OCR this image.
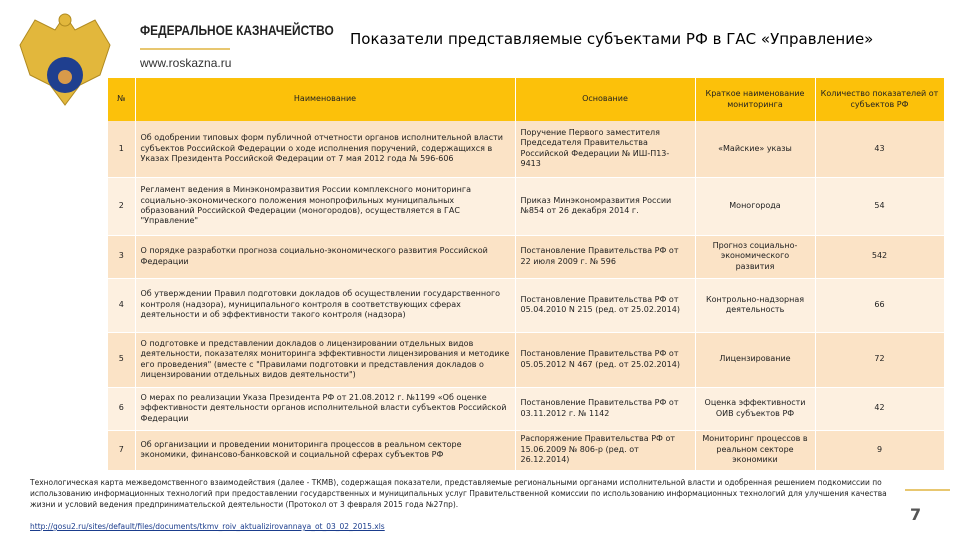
ФЕДЕРАЛЬНОЕ КАЗНАЧЕЙСТВО
www.roskazna.ru
Показатели представляемые субъектами РФ в ГАС «Управление»
№	Наименование	Основание	Краткое наименование мониторинга	Количество показателей от субъектов РФ
1	Об одобрении типовых форм публичной отчетности органов исполнительной власти субъектов Российской Федерации о ходе исполнения поручений, содержащихся в Указах Президента Российской Федерации от 7 мая 2012 года № 596-606	Поручение Первого заместителя Председателя Правительства Российской Федерации № ИШ-П13-9413	«Майские» указы	43
2	Регламент ведения в Минэкономразвития России комплексного мониторинга социально-экономического положения монопрофильных муниципальных образований Российской Федерации (моногородов), осуществляется в ГАС "Управление"	Приказ Минэкономразвития России №854 от 26 декабря 2014 г.	Моногорода	54
3	О порядке разработки прогноза социально-экономического развития Российской Федерации	Постановление Правительства РФ от 22 июля 2009 г. № 596	Прогноз социально-экономического развития	542
4	Об утверждении Правил подготовки докладов об осуществлении государственного контроля (надзора), муниципального контроля в соответствующих сферах деятельности и об эффективности такого контроля (надзора)	Постановление Правительства РФ от 05.04.2010 N 215 (ред. от 25.02.2014)	Контрольно-надзорная деятельность	66
5	О подготовке и представлении докладов о лицензировании отдельных видов деятельности, показателях мониторинга эффективности лицензирования и методике его проведения" (вместе с "Правилами подготовки и представления докладов о лицензировании отдельных видов деятельности")	Постановление Правительства РФ от 05.05.2012 N 467 (ред. от 25.02.2014)	Лицензирование	72
6	О мерах по реализации Указа Президента РФ от 21.08.2012 г. №1199 «Об оценке эффективности деятельности органов исполнительной власти субъектов Российской Федерации	Постановление Правительства РФ от 03.11.2012 г. № 1142	Оценка эффективности ОИВ субъектов РФ	42
7	Об организации и проведении мониторинга процессов в реальном секторе экономики, финансово-банковской и социальной сферах субъектов РФ	Распоряжение Правительства РФ от 15.06.2009 № 806-р (ред. от 26.12.2014)	Мониторинг процессов в реальном секторе экономики	9
Технологическая карта межведомственного взаимодействия (далее - ТКМВ), содержащая показатели, представляемые региональными органами исполнительной власти и одобренная решением подкомиссии по использованию информационных технологий при предоставлении государственных и муниципальных услуг Правительственной комиссии по использованию информационных технологий для улучшения качества жизни и условий ведения предпринимательской деятельности (Протокол от 3 февраля 2015 года №27пр).
http://gosu2.ru/sites/default/files/documents/tkmv_roiv_aktualizirovannaya_ot_03_02_2015.xls
7
